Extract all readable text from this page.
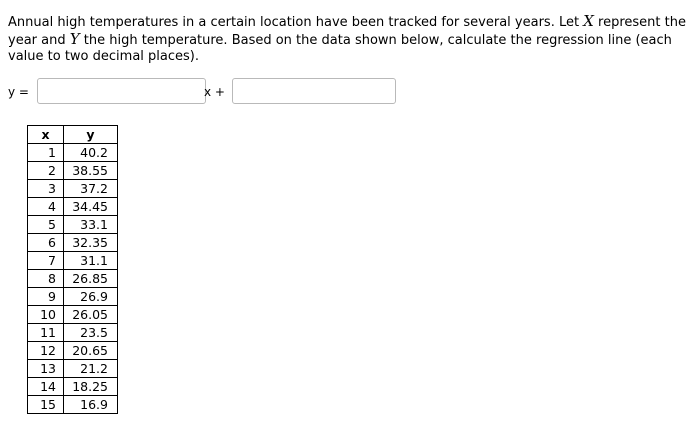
Annual high temperatures in a certain location have been tracked for several years. Let X represent the year and Y the high temperature. Based on the data shown below, calculate the regression line (each value to two decimal places).
y =	x +
x	y
1	40.2
2	38.55
3	37.2
4	34.45
5	33.1
6	32.35
7	31.1
8	26.85
9	26.9
10	26.05
11	23.5
12	20.65
13	21.2
14	18.25
15	16.9
